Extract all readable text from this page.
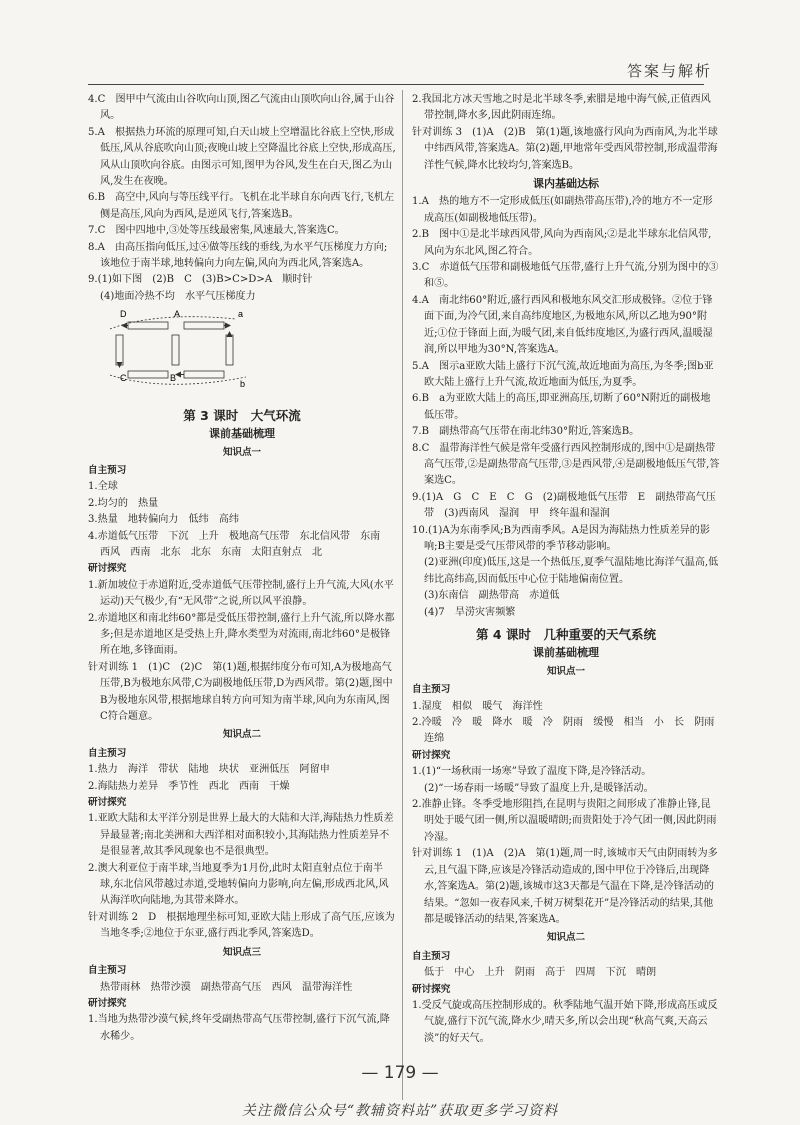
答案与解析

4.C　图甲中气流由山谷吹向山顶,图乙气流由山顶吹向山谷,属于山谷风。

5.A　根据热力环流的原理可知,白天山坡上空增温比谷底上空快,形成低压,风从谷底吹向山顶;夜晚山坡上空降温比谷底上空快,形成高压,风从山顶吹向谷底。由图示可知,图甲为谷风,发生在白天,图乙为山风,发生在夜晚。

6.B　高空中,风向与等压线平行。飞机在北半球自东向西飞行,飞机左侧是高压,风向为西风,是逆风飞行,答案选B。

7.C　图中四地中,③处等压线最密集,风速最大,答案选C。

8.A　由高压指向低压,过④做等压线的垂线,为水平气压梯度力方向;该地位于南半球,地转偏向力向左偏,风向为西北风,答案选A。

9.(1)如下图　(2)B　C　(3)B>C>D>A　顺时针

(4)地面冷热不均　水平气压梯度力

D	A	a
C	B
b

第 3 课时　大气环流

课前基础梳理

知识点一

自主预习

1.全球

2.均匀的　热量

3.热量　地转偏向力　低纬　高纬

4.赤道低气压带　下沉　上升　极地高气压带　东北信风带　东南　西风　西南　北东　北东　东南　太阳直射点　北

研讨探究

1.新加坡位于赤道附近,受赤道低气压带控制,盛行上升气流,大风(水平运动)天气极少,有“无风带”之说,所以风平浪静。

2.赤道地区和南北纬60°都是受低压带控制,盛行上升气流,所以降水都多;但是赤道地区是受热上升,降水类型为对流雨,南北纬60°是极锋所在地,多锋面雨。

针对训练 1　(1)C　(2)C　第(1)题,根据纬度分布可知,A为极地高气压带,B为极地东风带,C为副极地低压带,D为西风带。第(2)题,图中B为极地东风带,根据地球自转方向可知为南半球,风向为东南风,图C符合题意。

知识点二

自主预习

1.热力　海洋　带状　陆地　块状　亚洲低压　阿留申

2.海陆热力差异　季节性　西北　西南　干燥

研讨探究

1.亚欧大陆和太平洋分别是世界上最大的大陆和大洋,海陆热力性质差异最显著;南北美洲和大西洋相对面积较小,其海陆热力性质差异不是很显著,故其季风现象也不是很典型。

2.澳大利亚位于南半球,当地夏季为1月份,此时太阳直射点位于南半球,东北信风带越过赤道,受地转偏向力影响,向左偏,形成西北风,风从海洋吹向陆地,为其带来降水。

针对训练 2　D　根据地理坐标可知,亚欧大陆上形成了高气压,应该为当地冬季;②地位于东亚,盛行西北季风,答案选D。

知识点三

自主预习

热带雨林　热带沙漠　副热带高气压　西风　温带海洋性

研讨探究

1.当地为热带沙漠气候,终年受副热带高气压带控制,盛行下沉气流,降水稀少。

2.我国北方冰天雪地之时是北半球冬季,索腊是地中海气候,正值西风带控制,降水多,因此阴雨连绵。

针对训练 3　(1)A　(2)B　第(1)题,该地盛行风向为西南风,为北半球中纬西风带,答案选A。第(2)题,甲地常年受西风带控制,形成温带海洋性气候,降水比较均匀,答案选B。

课内基础达标

1.A　热的地方不一定形成低压(如副热带高压带),冷的地方不一定形成高压(如副极地低压带)。

2.B　图中①是北半球西风带,风向为西南风;②是北半球东北信风带,风向为东北风,图乙符合。

3.C　赤道低气压带和副极地低气压带,盛行上升气流,分别为图中的③和⑤。

4.A　南北纬60°附近,盛行西风和极地东风交汇形成极锋。②位于锋面下面,为冷气团,来自高纬度地区,为极地东风,所以乙地为90°附近;①位于锋面上面,为暖气团,来自低纬度地区,为盛行西风,温暖湿润,所以甲地为30°N,答案选A。

5.A　图示a亚欧大陆上盛行下沉气流,故近地面为高压,为冬季;图b亚欧大陆上盛行上升气流,故近地面为低压,为夏季。

6.B　a为亚欧大陆上的高压,即亚洲高压,切断了60°N附近的副极地低压带。

7.B　副热带高气压带在南北纬30°附近,答案选B。

8.C　温带海洋性气候是常年受盛行西风控制形成的,图中①是副热带高气压带,②是副热带高气压带,③是西风带,④是副极地低压气带,答案选C。

9.(1)A　G　C　E　C　G　(2)副极地低气压带　E　副热带高气压带　(3)西南风　湿润　甲　终年温和湿润

10.(1)A为东南季风;B为西南季风。A是因为海陆热力性质差异的影响;B主要是受气压带风带的季节移动影响。

(2)亚洲(印度)低压,这是一个热低压,夏季气温陆地比海洋气温高,低纬比高纬高,因而低压中心位于陆地偏南位置。

(3)东南信　副热带高　赤道低

(4)7　旱涝灾害频繁

第 4 课时　几种重要的天气系统

课前基础梳理

知识点一

自主预习

1.湿度　相似　暖气　海洋性

2.冷暖　冷　暖　降水　暖　冷　阴雨　缓慢　相当　小　长　阴雨连绵

研讨探究

1.(1)“一场秋雨一场寒”导致了温度下降,是冷锋活动。

(2)“一场春雨一场暖”导致了温度上升,是暖锋活动。

2.准静止锋。冬季受地形阻挡,在昆明与贵阳之间形成了准静止锋,昆明处于暖气团一侧,所以温暖晴朗;而贵阳处于冷气团一侧,因此阴雨冷湿。

针对训练 1　(1)A　(2)A　第(1)题,周一时,该城市天气由阴雨转为多云,且气温下降,应该是冷锋活动造成的,图中甲位于冷锋后,出现降水,答案选A。第(2)题,该城市这3天都是气温在下降,是冷锋活动的结果。“忽如一夜春风来,千树万树梨花开”是冷锋活动的结果,其他都是暖锋活动的结果,答案选A。

知识点二

自主预习

低于　中心　上升　阴雨　高于　四周　下沉　晴朗

研讨探究

1.受反气旋或高压控制形成的。秋季陆地气温开始下降,形成高压或反气旋,盛行下沉气流,降水少,晴天多,所以会出现“秋高气爽,天高云淡”的好天气。

— 179 —
关注微信公众号“教辅资料站”获取更多学习资料
